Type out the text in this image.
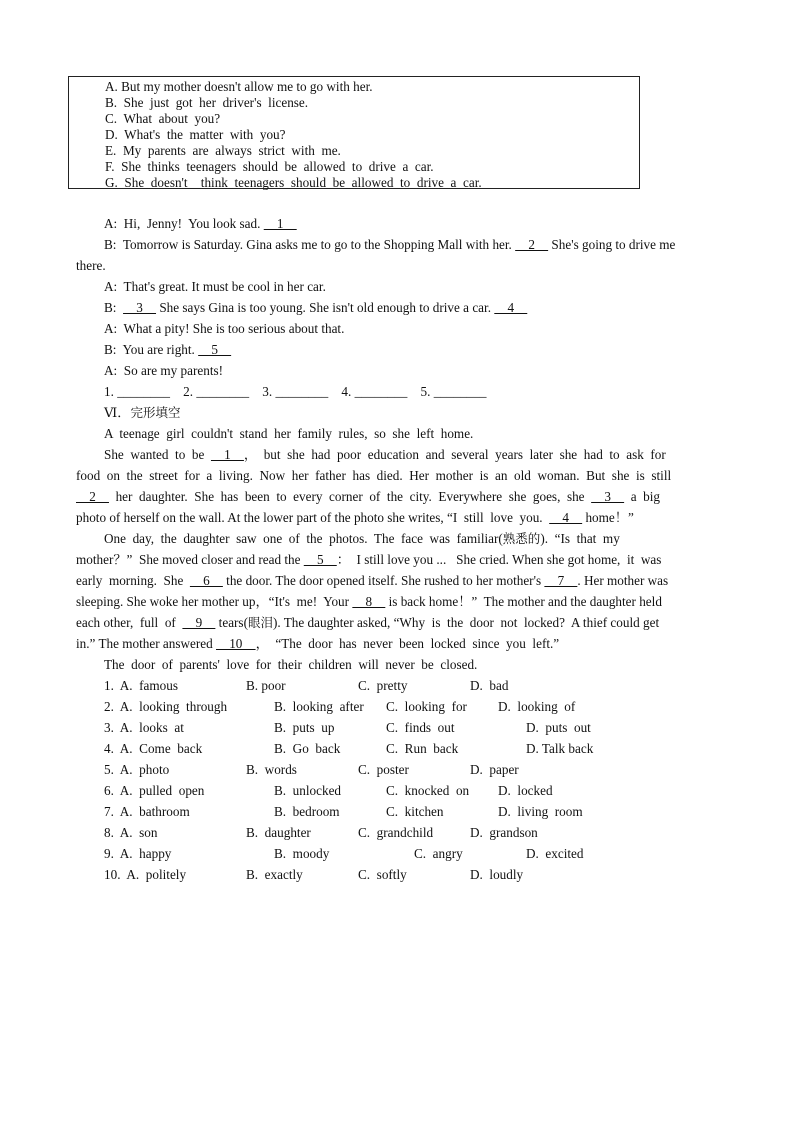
A. But my mother doesn't allow me to go with her.
B.  She  just  got  her  driver's  license.
C.  What  about  you?
D.  What's  the  matter  with  you?
E.  My  parents  are  always  strict  with  me.
F.  She  thinks  teenagers  should  be  allowed  to  drive  a  car.
G.  She  doesn't    think  teenagers  should  be  allowed  to  drive  a  car.
A:  Hi,  Jenny!  You look sad.   1  
B:  Tomorrow is Saturday. Gina asks me to go to the Shopping Mall with her.   2   She's going to drive me
there.
A:  That's great. It must be cool in her car.
B:    3   She says Gina is too young. She isn't old enough to drive a car.   4  
A:  What a pity! She is too serious about that.
B:  You are right.   5  
A:  So are my parents!
1. ________    2. ________    3. ________    4. ________    5. ________
Ⅵ．完形填空
A  teenage  girl  couldn't  stand  her  family  rules,  so  she  left  home.
She  wanted  to  be    1  ，  but  she  had  poor  education  and  several  years  later  she  had  to  ask  for
food  on  the  street  for  a  living.  Now  her  father  has  died.  Her  mother  is  an  old  woman.  But  she  is  still
  2    her  daughter.  She  has  been  to  every  corner  of  the  city.  Everywhere  she  goes,  she    3    a  big
photo of herself on the wall. At the lower part of the photo she writes, “I  still  love  you.    4   home！”
One  day,  the  daughter  saw  one  of  the  photos.  The  face  was  familiar(熟悉的).  “Is  that  my
mother？”  She moved closer and read the   5  ：  I still love you ...   She cried. When she got home,  it  was
early  morning.  She    6   the door. The door opened itself. She rushed to her mother's   7  . Her mother was
sleeping. She woke her mother up，“It's  me!  Your   8   is back home！”  The mother and the daughter held
each other,  full  of    9   tears(眼泪). The daughter asked, “Why  is  the  door  not  locked?  A thief could get
in.” The mother answered   10  ，  “The  door  has  never  been  locked  since  you  left.”
The  door  of  parents'  love  for  their  children  will  never  be  closed.
1.  A.  famous	B. poor	C.  pretty	D.  bad
2.  A.  looking  through	B.  looking  after C.  looking  for D.  looking  of
3.  A.  looks  at	B.  puts  up	C.  finds  out	D.  puts  out
4.  A.  Come  back	B.  Go  back	C.  Run  back	D. Talk back
5.  A.  photo	B.  words	C.  poster	D.  paper
6.  A.  pulled  open	B.  unlocked	C.  knocked  on D.  locked
7.  A.  bathroom	B.  bedroom	C.  kitchen	D.  living  room
8.  A.  son	B.  daughter	C.  grandchild	D.  grandson
9.  A.  happy	B.  moody	C.  angry	D.  excited
10.  A.  politely	B.  exactly	C.  softly	D.  loudly
